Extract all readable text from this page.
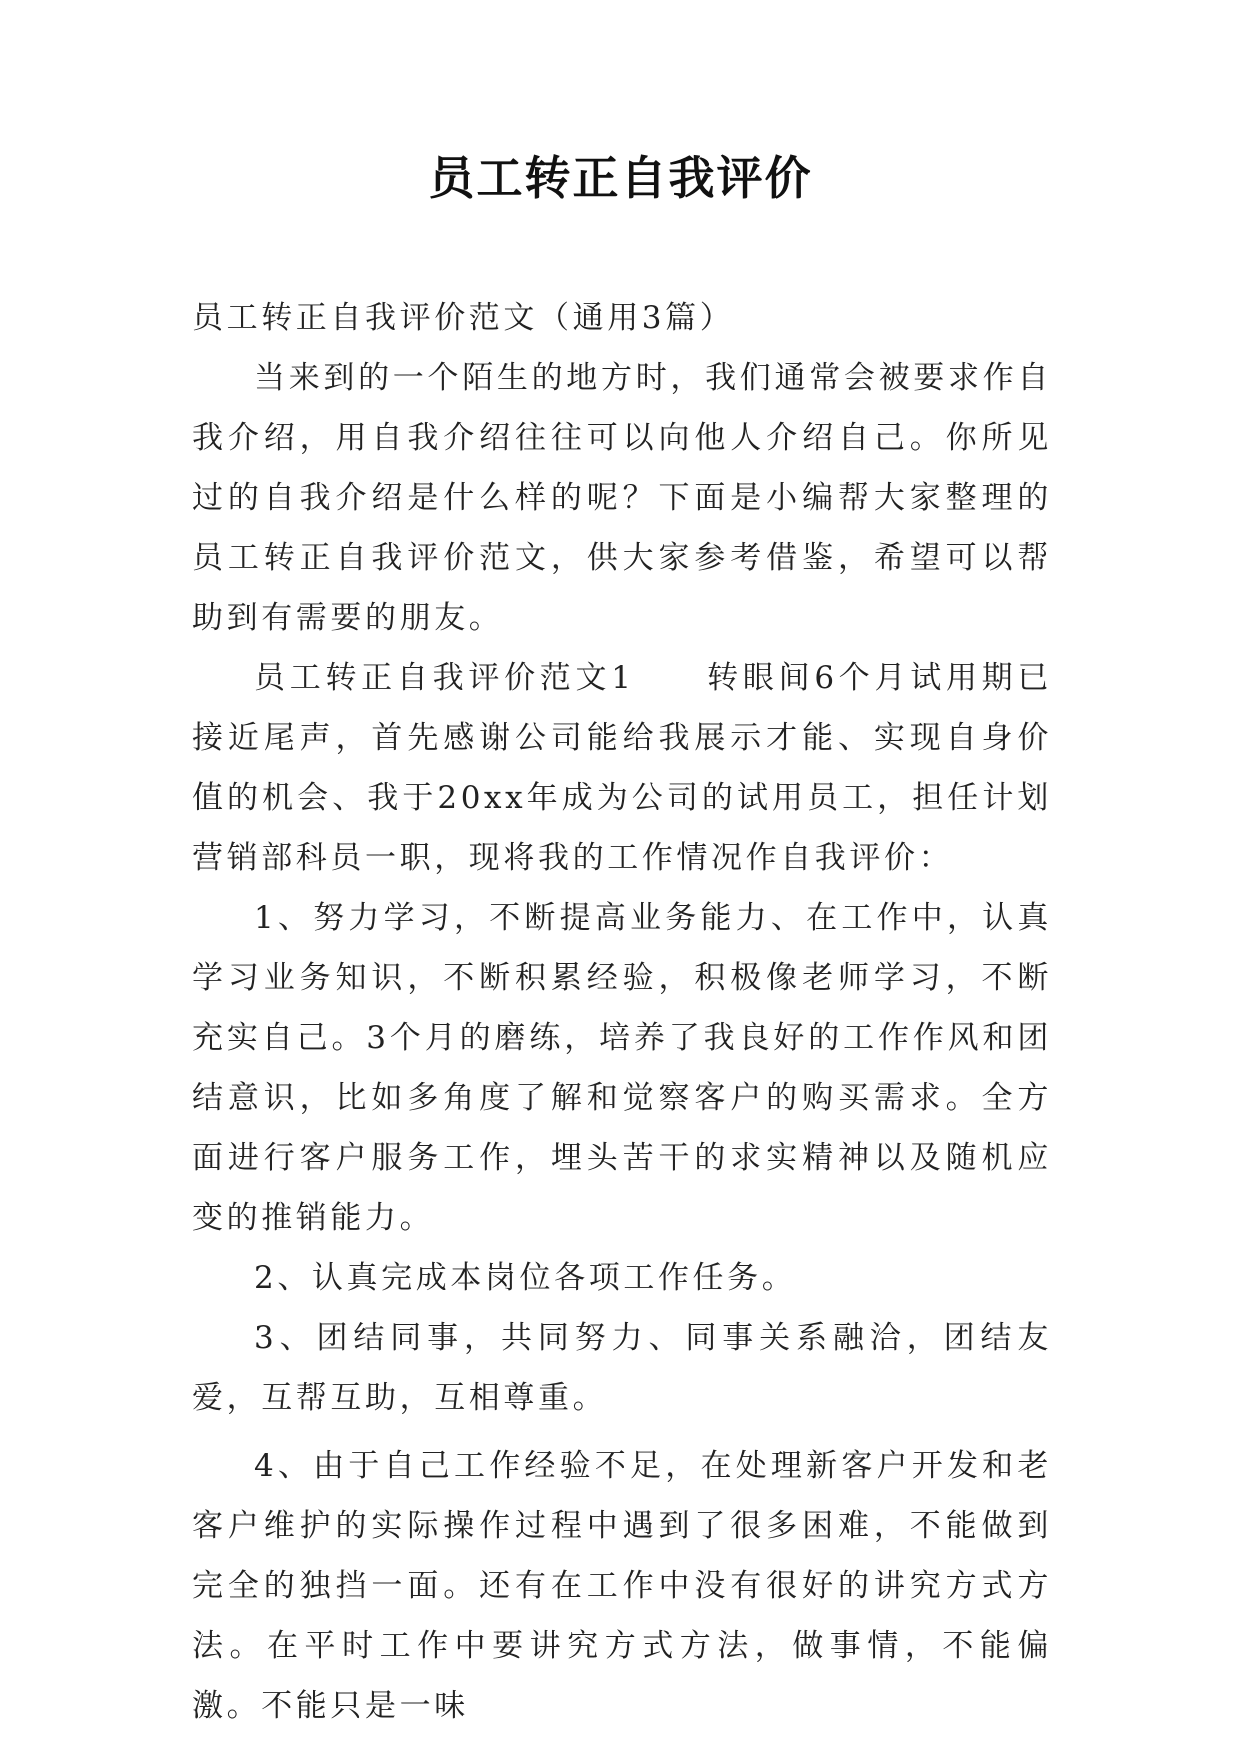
员工转正自我评价

员工转正自我评价范文（通用3篇）

当来到的一个陌生的地方时，我们通常会被要求作自我介绍，用自我介绍往往可以向他人介绍自己。你所见过的自我介绍是什么样的呢？下面是小编帮大家整理的员工转正自我评价范文，供大家参考借鉴，希望可以帮助到有需要的朋友。

员工转正自我评价范文1　　转眼间6个月试用期已接近尾声，首先感谢公司能给我展示才能、实现自身价值的机会、我于20xx年成为公司的试用员工，担任计划营销部科员一职，现将我的工作情况作自我评价：

1、努力学习，不断提高业务能力、在工作中，认真学习业务知识，不断积累经验，积极像老师学习，不断充实自己。3个月的磨练，培养了我良好的工作作风和团结意识，比如多角度了解和觉察客户的购买需求。全方面进行客户服务工作，埋头苦干的求实精神以及随机应变的推销能力。

2、认真完成本岗位各项工作任务。

3、团结同事，共同努力、同事关系融洽，团结友爱，互帮互助，互相尊重。

4、由于自己工作经验不足，在处理新客户开发和老客户维护的实际操作过程中遇到了很多困难，不能做到完全的独挡一面。还有在工作中没有很好的讲究方式方法。在平时工作中要讲究方式方法，做事情，不能偏激。不能只是一味
